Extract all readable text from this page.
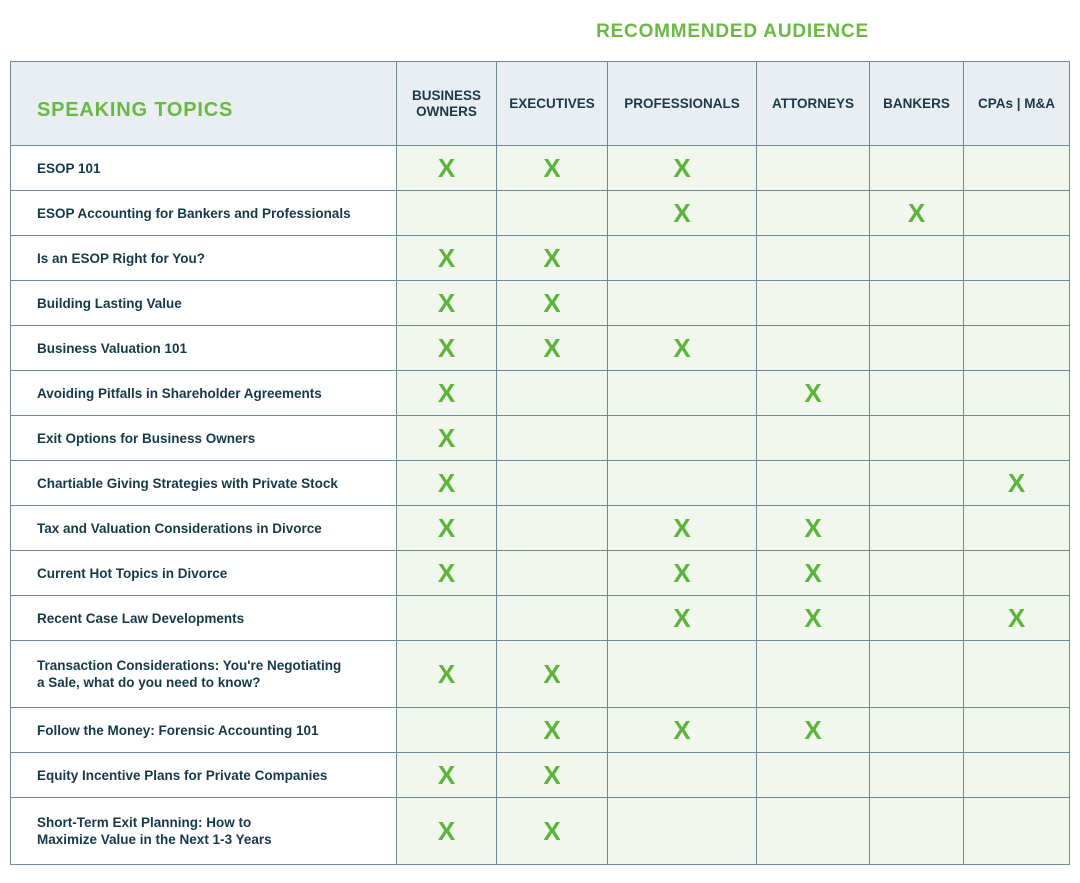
RECOMMENDED AUDIENCE
SPEAKING TOPICS	BUSINESS
OWNERS	EXECUTIVES	PROFESSIONALS	ATTORNEYS	BANKERS	CPAs | M&A

ESOP 101	X	X	X			

ESOP Accounting for Bankers and Professionals			X		X	

Is an ESOP Right for You?	X	X				

Building Lasting Value	X	X				

Business Valuation 101	X	X	X			

Avoiding Pitfalls in Shareholder Agreements	X			X		

Exit Options for Business Owners	X					

Chartiable Giving Strategies with Private Stock	X					X

Tax and Valuation Considerations in Divorce	X		X	X		

Current Hot Topics in Divorce	X		X	X		

Recent Case Law Developments			X	X		X

Transaction Considerations: You're Negotiating
a Sale, what do you need to know?	X	X				

Follow the Money: Forensic Accounting 101		X	X	X		

Equity Incentive Plans for Private Companies	X	X				

Short-Term Exit Planning: How to
Maximize Value in the Next 1-3 Years	X	X				
